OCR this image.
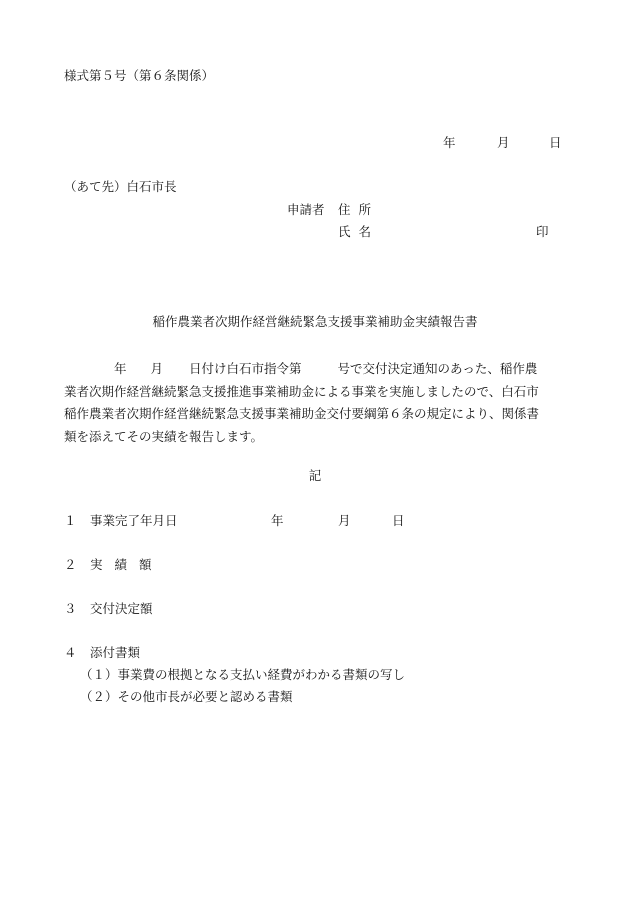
様式第５号（第６条関係）
年	月	日
（あて先）白石市長
申請者 住所
氏名	印
稲作農業者次期作経営継続緊急支援事業補助金実績報告書
年 月 日付け白石市指令第	号で交付決定通知のあった、稲作農
業者次期作経営継続緊急支援推進事業補助金による事業を実施しましたので、白石市
稲作農業者次期作経営継続緊急支援事業補助金交付要綱第６条の規定により、関係書
類を添えてその実績を報告します。
記
１ 事業完了年月日	年	月	日
２ 実績額
３ 交付決定額
４ 添付書類
（１）事業費の根拠となる支払い経費がわかる書類の写し
（２）その他市長が必要と認める書類
